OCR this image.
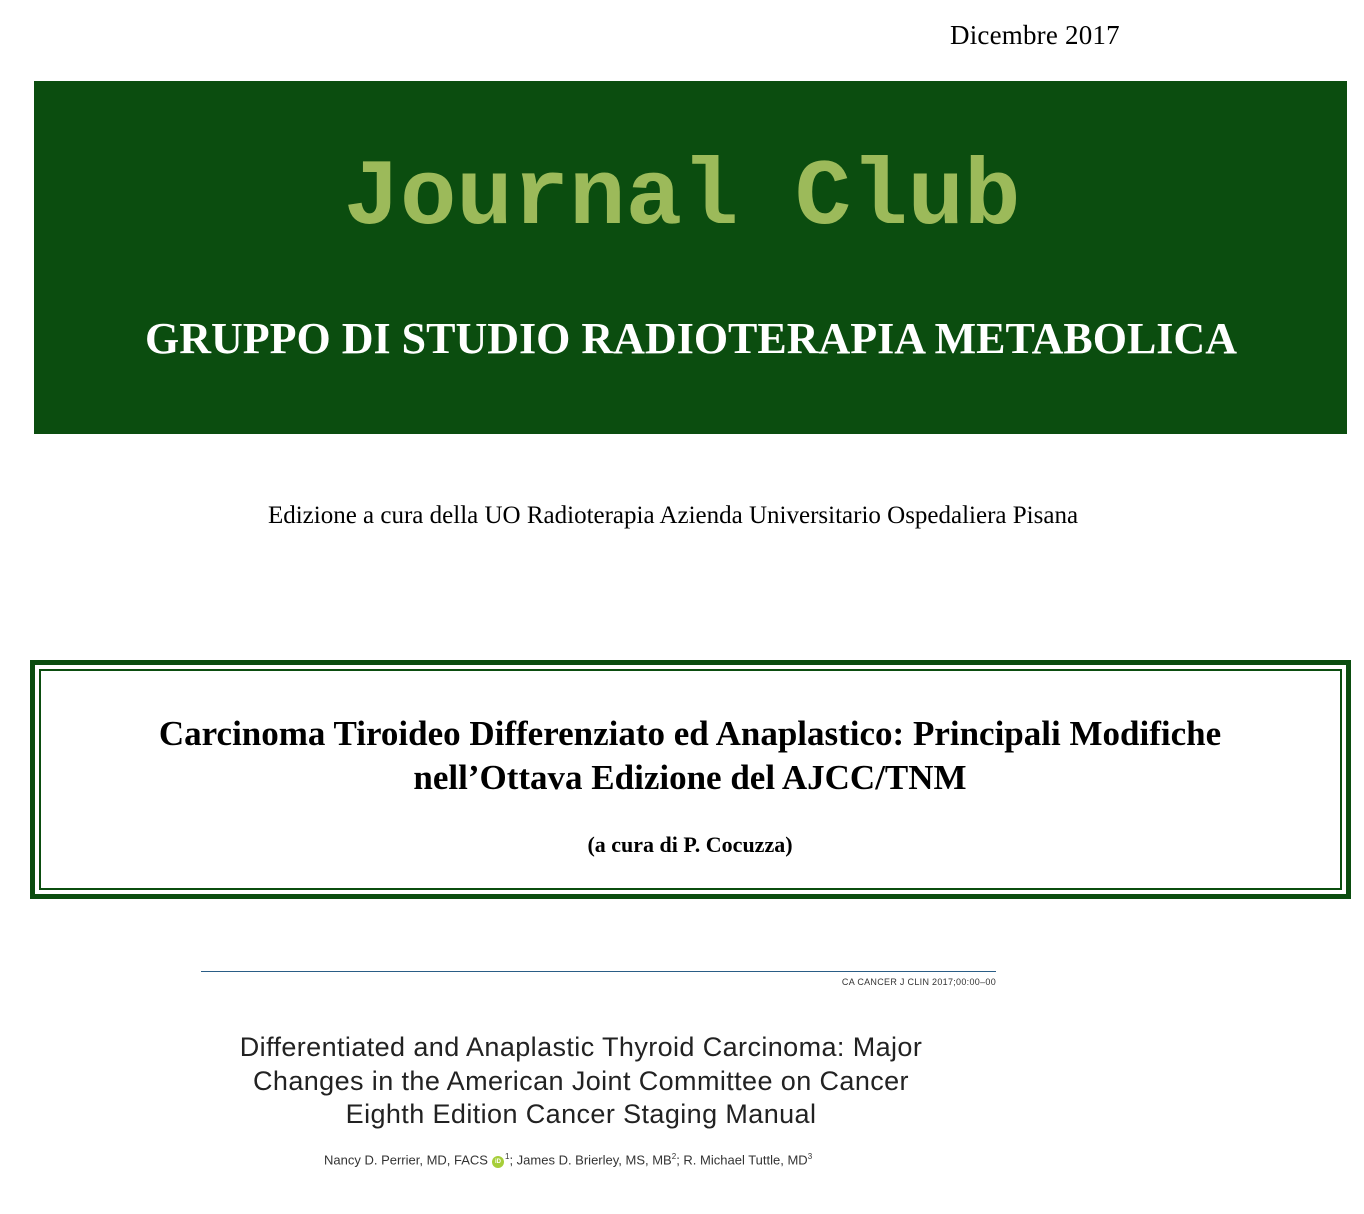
Dicembre 2017
Journal Club
GRUPPO DI STUDIO RADIOTERAPIA METABOLICA
Edizione a cura della UO Radioterapia Azienda Universitario Ospedaliera Pisana
Carcinoma Tiroideo Differenziato ed Anaplastico: Principali Modifiche
nell’Ottava Edizione del AJCC/TNM
(a cura di P. Cocuzza)
CA CANCER J CLIN 2017;00:00–00
Differentiated and Anaplastic Thyroid Carcinoma: Major
Changes in the American Joint Committee on Cancer
Eighth Edition Cancer Staging Manual
Nancy D. Perrier, MD, FACS $iD^1$; James D. Brierley, MS, $MB^2$; R. Michael Tuttle, $MD^3$
